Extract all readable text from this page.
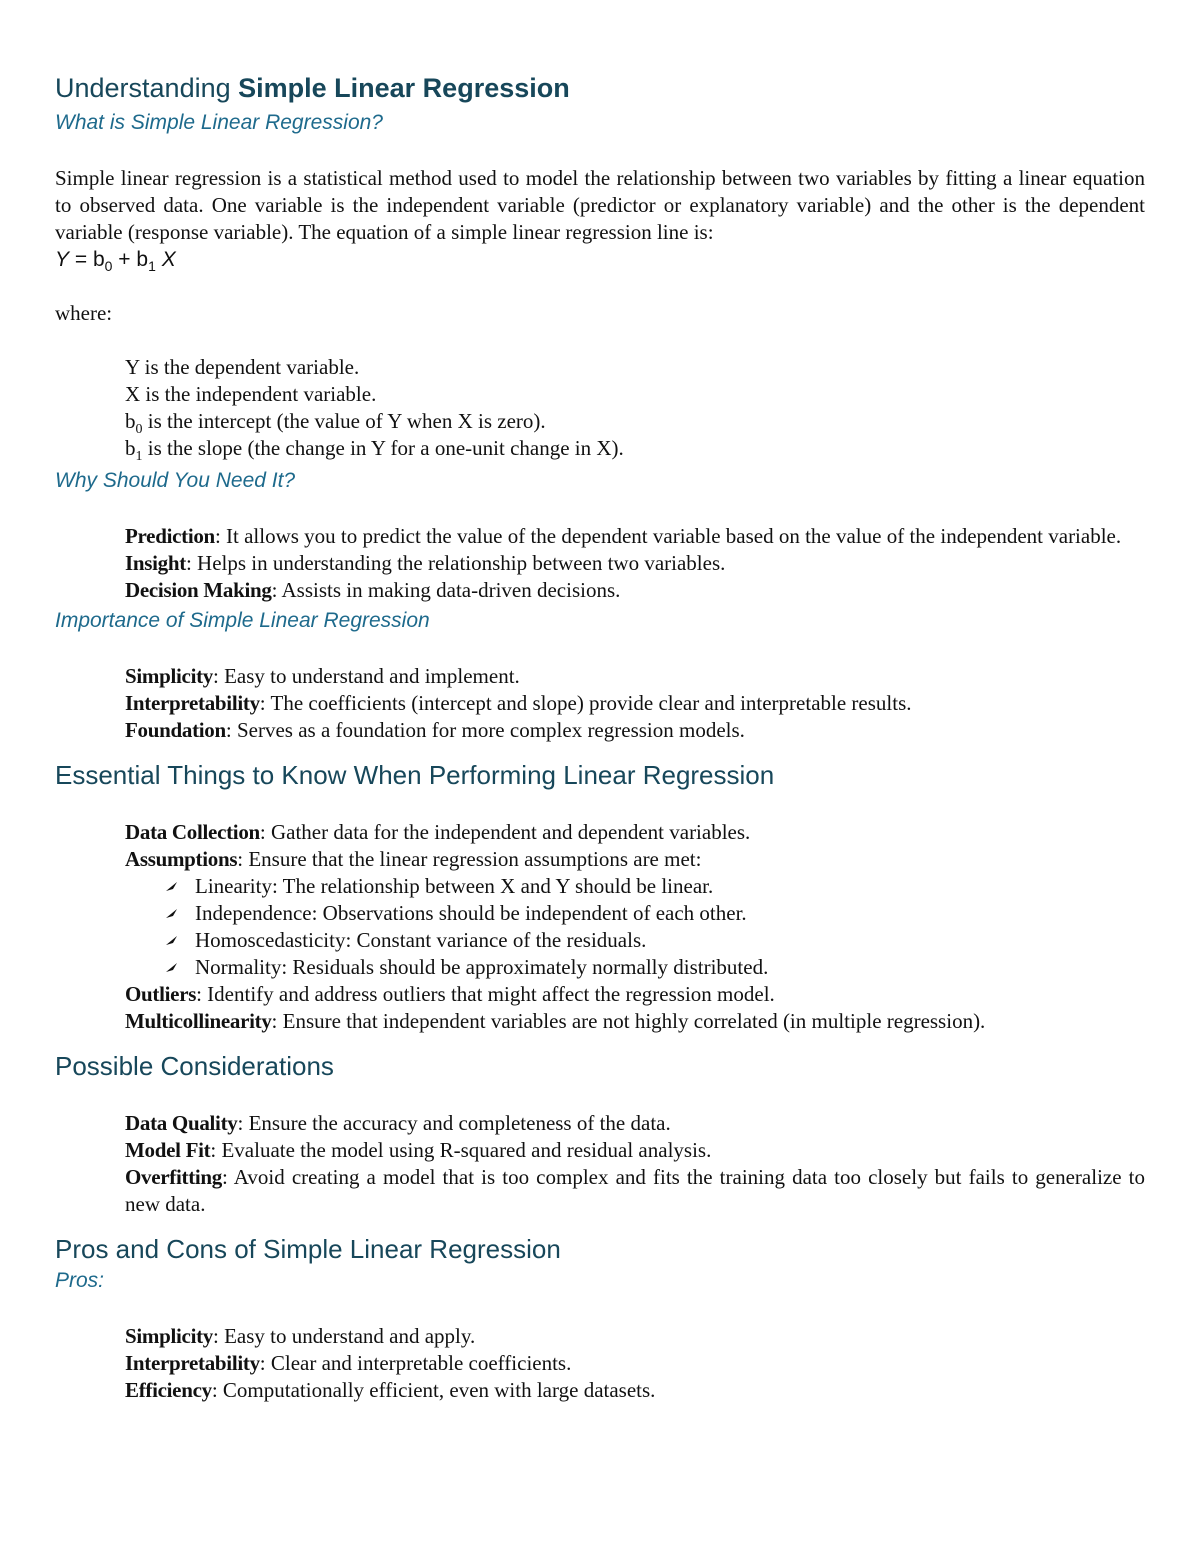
Understanding Simple Linear Regression
What is Simple Linear Regression?
Simple linear regression is a statistical method used to model the relationship between two variables by fitting a linear equation to observed data. One variable is the independent variable (predictor or explanatory variable) and the other is the dependent variable (response variable). The equation of a simple linear regression line is:
$Y = b_0 + b_1$ X
where:
Y is the dependent variable.
X is the independent variable.
$b_0$ is the intercept (the value of Y when X is zero).
$b_1$ is the slope (the change in Y for a one-unit change in X).
Why Should You Need It?
Prediction: It allows you to predict the value of the dependent variable based on the value of the independent variable.
Insight: Helps in understanding the relationship between two variables.
Decision Making: Assists in making data-driven decisions.
Importance of Simple Linear Regression
Simplicity: Easy to understand and implement.
Interpretability: The coefficients (intercept and slope) provide clear and interpretable results.
Foundation: Serves as a foundation for more complex regression models.
Essential Things to Know When Performing Linear Regression
Data Collection: Gather data for the independent and dependent variables.
Assumptions: Ensure that the linear regression assumptions are met:
Linearity: The relationship between X and Y should be linear.
Independence: Observations should be independent of each other.
Homoscedasticity: Constant variance of the residuals.
Normality: Residuals should be approximately normally distributed.
Outliers: Identify and address outliers that might affect the regression model.
Multicollinearity: Ensure that independent variables are not highly correlated (in multiple regression).
Possible Considerations
Data Quality: Ensure the accuracy and completeness of the data.
Model Fit: Evaluate the model using R-squared and residual analysis.
Overfitting: Avoid creating a model that is too complex and fits the training data too closely but fails to generalize to new data.
Pros and Cons of Simple Linear Regression
Pros:
Simplicity: Easy to understand and apply.
Interpretability: Clear and interpretable coefficients.
Efficiency: Computationally efficient, even with large datasets.
